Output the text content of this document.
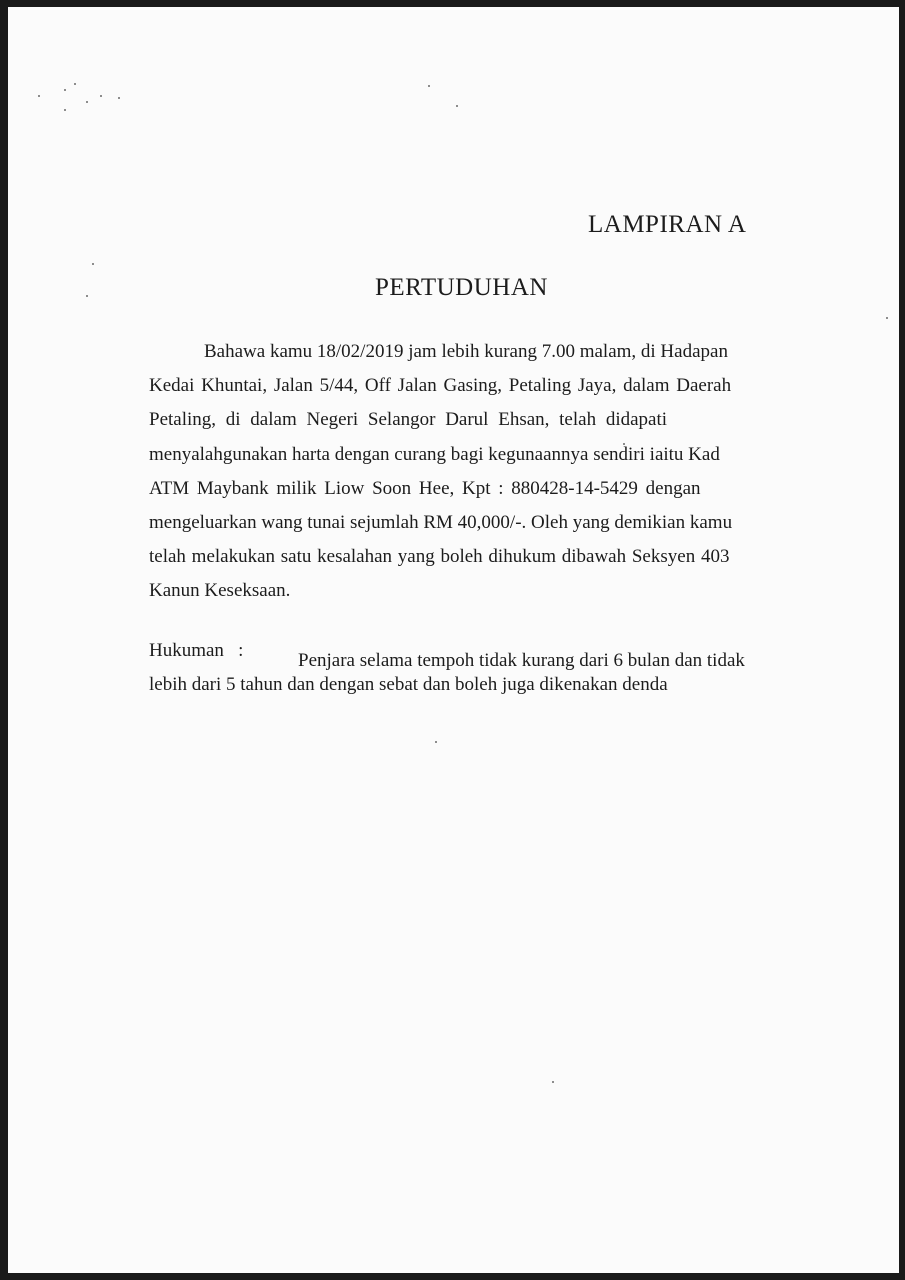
LAMPIRAN A
PERTUDUHAN
Bahawa kamu 18/02/2019 jam lebih kurang 7.00 malam, di Hadapan
Kedai Khuntai, Jalan 5/44, Off Jalan Gasing, Petaling Jaya, dalam Daerah
Petaling, di dalam Negeri Selangor Darul Ehsan, telah didapati
menyalahgunakan harta dengan curang bagi kegunaannya sendiri iaitu Kad
ATM Maybank milik Liow Soon Hee, Kpt : 880428-14-5429 dengan
mengeluarkan wang tunai sejumlah RM 40,000/-. Oleh yang demikian kamu
telah melakukan satu kesalahan yang boleh dihukum dibawah Seksyen 403
Kanun Keseksaan.
Hukuman   :	Penjara selama tempoh tidak kurang dari 6 bulan dan tidak
lebih dari 5 tahun dan dengan sebat dan boleh juga dikenakan denda
